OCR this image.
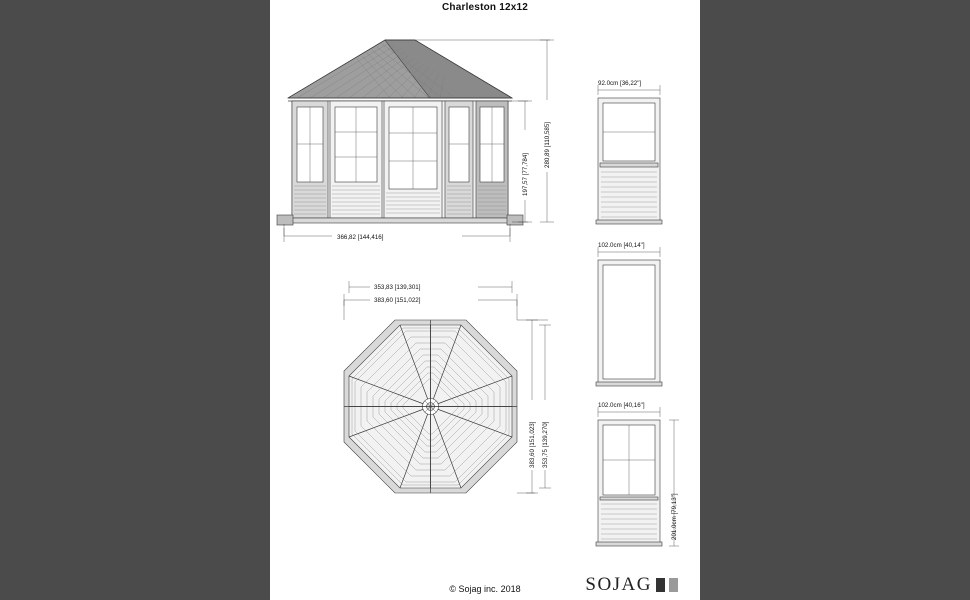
Charleston 12x12
366,82 [144,416]
197,57 [77,784]
280,89 [110,585]
383,60 [151,022]
353,83 [139,301]
383,60 [151,023] 353,75 [139,270]
92.0cm [36,22"]
102.0cm [40,14"]
102.0cm [40,16"]
201.0cm [79,13"]
© Sojag inc. 2018	SOJAG
